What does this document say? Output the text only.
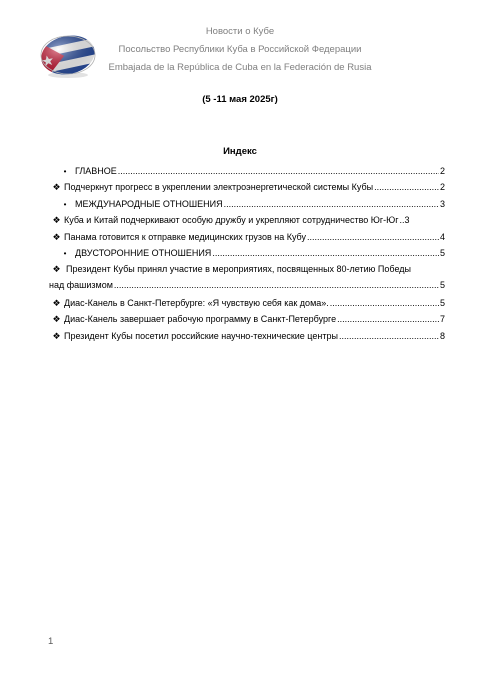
Новости о Кубе
Посольство Республики Куба в Российской Федерации
Embajada de la República de Cuba en la Federación de Rusia
(5 -11 мая 2025г)
Индекс
• ГЛАВНОЕ .....	2
❖ Подчеркнут прогресс в укреплении электроэнергетической системы Кубы .....	2
• МЕЖДУНАРОДНЫЕ ОТНОШЕНИЯ .....	3
❖ Куба и Китай подчеркивают особую дружбу и укрепляют сотрудничество Юг-Юг ..... 3
❖ Панама готовится к отправке медицинских грузов на Кубу .....	4
• ДВУСТОРОННИЕ ОТНОШЕНИЯ .....	5
❖ Президент Кубы принял участие в мероприятиях, посвященных 80-летию Победы
над фашизмом .....	5
❖ Диас-Канель в Санкт-Петербурге: «Я чувствую себя как дома». .....	5
❖ Диас-Канель завершает рабочую программу в Санкт-Петербурге .....	7
❖ Президент Кубы посетил российские научно-технические центры .....	8
1
